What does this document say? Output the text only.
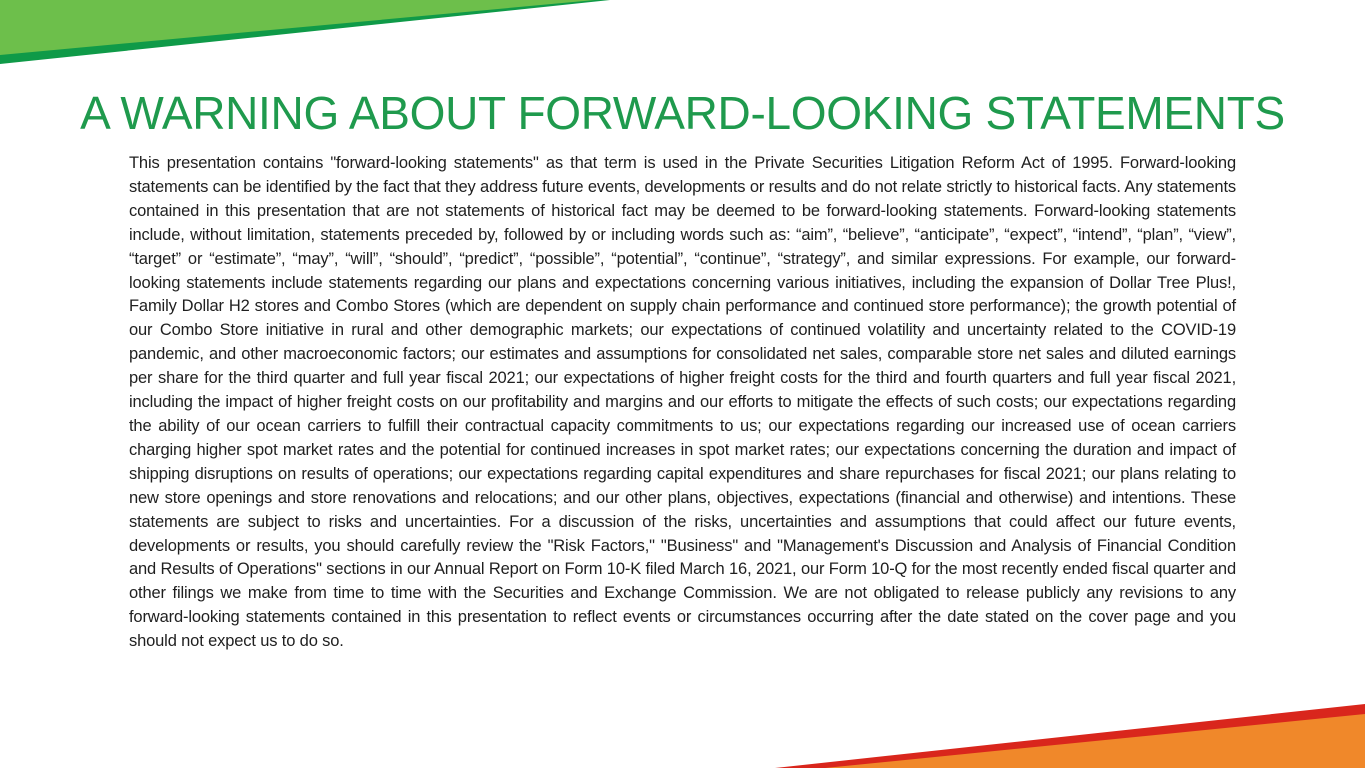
A WARNING ABOUT FORWARD-LOOKING STATEMENTS

This presentation contains "forward-looking statements" as that term is used in the Private Securities Litigation Reform Act of 1995. Forward-looking statements can be identified by the fact that they address future events, developments or results and do not relate strictly to historical facts. Any statements contained in this presentation that are not statements of historical fact may be deemed to be forward-looking statements. Forward-looking statements include, without limitation, statements preceded by, followed by or including words such as: “aim”, “believe”, “anticipate”, “expect”, “intend”, “plan”, “view”, “target” or “estimate”, “may”, “will”, “should”, “predict”, “possible”, “potential”, “continue”, “strategy”, and similar expressions. For example, our forward-looking statements include statements regarding our plans and expectations concerning various initiatives, including the expansion of Dollar Tree Plus!, Family Dollar H2 stores and Combo Stores (which are dependent on supply chain performance and continued store performance); the growth potential of our Combo Store initiative in rural and other demographic markets; our expectations of continued volatility and uncertainty related to the COVID-19 pandemic, and other macroeconomic factors; our estimates and assumptions for consolidated net sales, comparable store net sales and diluted earnings per share for the third quarter and full year fiscal 2021; our expectations of higher freight costs for the third and fourth quarters and full year fiscal 2021, including the impact of higher freight costs on our profitability and margins and our efforts to mitigate the effects of such costs; our expectations regarding the ability of our ocean carriers to fulfill their contractual capacity commitments to us; our expectations regarding our increased use of ocean carriers charging higher spot market rates and the potential for continued increases in spot market rates; our expectations concerning the duration and impact of shipping disruptions on results of operations; our expectations regarding capital expenditures and share repurchases for fiscal 2021; our plans relating to new store openings and store renovations and relocations; and our other plans, objectives, expectations (financial and otherwise) and intentions. These statements are subject to risks and uncertainties. For a discussion of the risks, uncertainties and assumptions that could affect our future events, developments or results, you should carefully review the "Risk Factors," "Business" and "Management's Discussion and Analysis of Financial Condition and Results of Operations" sections in our Annual Report on Form 10-K filed March 16, 2021, our Form 10-Q for the most recently ended fiscal quarter and other filings we make from time to time with the Securities and Exchange Commission. We are not obligated to release publicly any revisions to any forward-looking statements contained in this presentation to reflect events or circumstances occurring after the date stated on the cover page and you should not expect us to do so.
